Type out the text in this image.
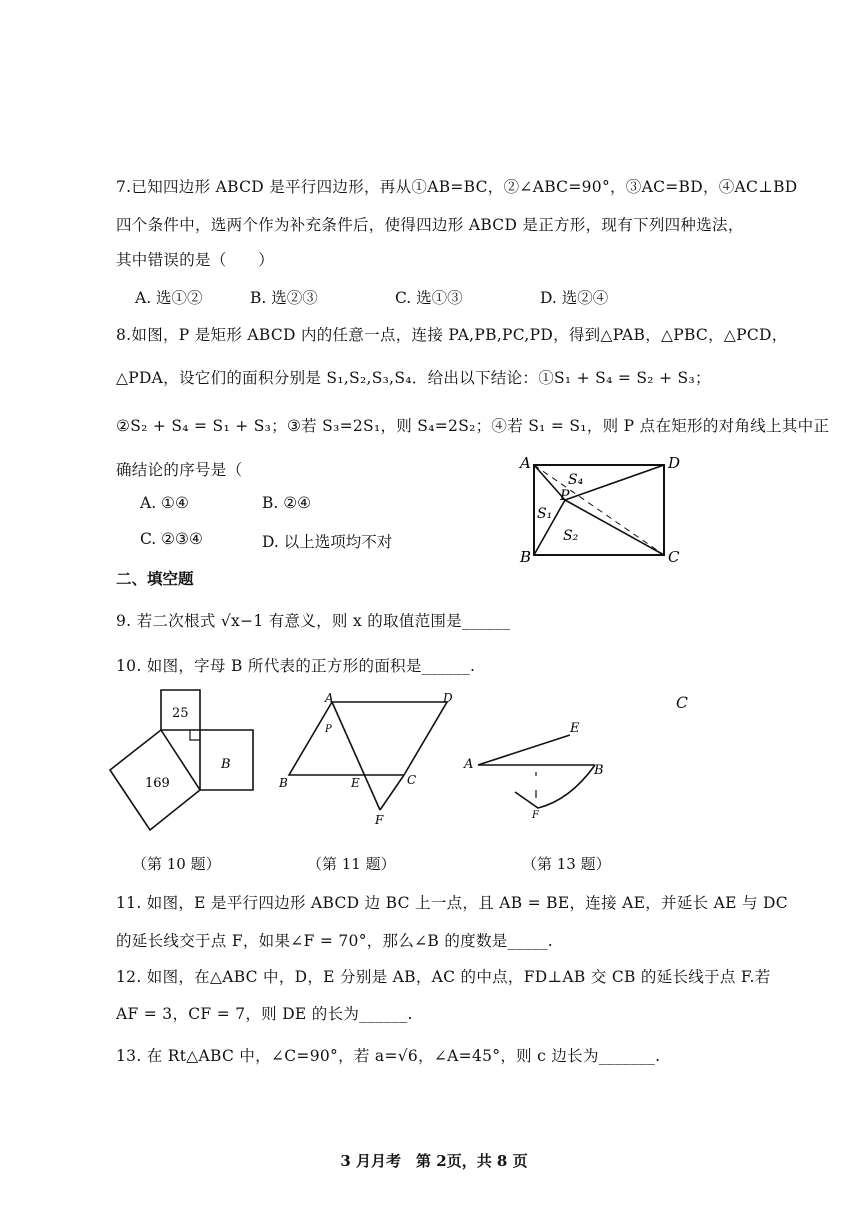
7.已知四边形 ABCD 是平行四边形，再从①AB=BC，②∠ABC=90°，③AC=BD，④AC⊥BD
四个条件中，选两个作为补充条件后，使得四边形 ABCD 是正方形，现有下列四种选法，
其中错误的是（　　）
A. 选①②	B. 选②③	C. 选①③	D. 选②④
8.如图，P 是矩形 ABCD 内的任意一点，连接 PA,PB,PC,PD，得到△PAB，△PBC，△PCD，
△PDA，设它们的面积分别是 S₁,S₂,S₃,S₄．给出以下结论：①S₁ + S₄ = S₂ + S₃；
②S₂ + S₄ = S₁ + S₃；③若 S₃=2S₁，则 S₄=2S₂；④若 S₁ = S₁，则 P 点在矩形的对角线上其中正
确结论的序号是（
A. ①④	B. ②④
C. ②③④	D. 以上选项均不对
A
B	C
D
P
S₄
S₁
S₂
二、填空题
9. 若二次根式 √x−1 有意义，则 x 的取值范围是______
10. 如图，字母 B 所代表的正方形的面积是______.
25
169
B
（第 10 题）
A	D
B	C
E
F
P
（第 11 题）
A
E
B
F
（第 13 题）
C
11. 如图，E 是平行四边形 ABCD 边 BC 上一点，且 AB = BE，连接 AE，并延长 AE 与 DC
的延长线交于点 F，如果∠F = 70°，那么∠B 的度数是_____.
12. 如图，在△ABC 中，D，E 分别是 AB，AC 的中点，FD⊥AB 交 CB 的延长线于点 F.若
AF = 3，CF = 7，则 DE 的长为______.
13. 在 Rt△ABC 中，∠C=90°，若 a=√6，∠A=45°，则 c 边长为_______.
3 月月考　第 2页，共 8 页
